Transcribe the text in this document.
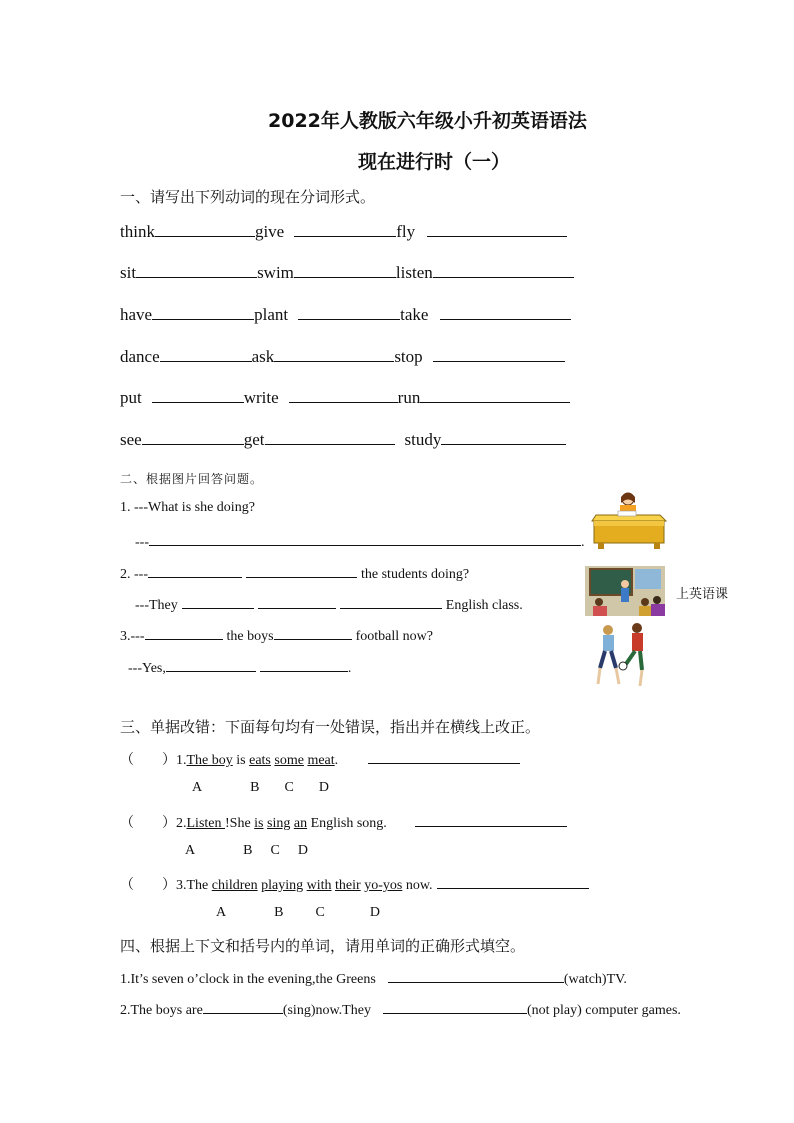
2022年人教版六年级小升初英语语法
现在进行时（一）
一、请写出下列动词的现在分词形式。
think	give	fly
sit	swim	listen
have	plant	take
dance	ask	stop
put	write	run
see	get	study
二、根据图片回答问题。
1. ---What is she doing?
---	.
2. ---	the students doing?
---They	English class.
3.---	the boys	football now?
---Yes,	.
上英语课
三、单据改错：下面每句均有一处错误，指出并在横线上改正。
（　　）1.The boy is eats some meat.
A	B C D
（　　）2.Listen !She is sing an English song.
A	B C D
（　　）3.The children playing with their yo-yos now.
A	B C	D
四、根据上下文和括号内的单词，请用单词的正确形式填空。
1.It’s seven o’clock in the evening,the Greens	(watch)TV.
2.The boys are	(sing)now.They	(not play) computer games.
